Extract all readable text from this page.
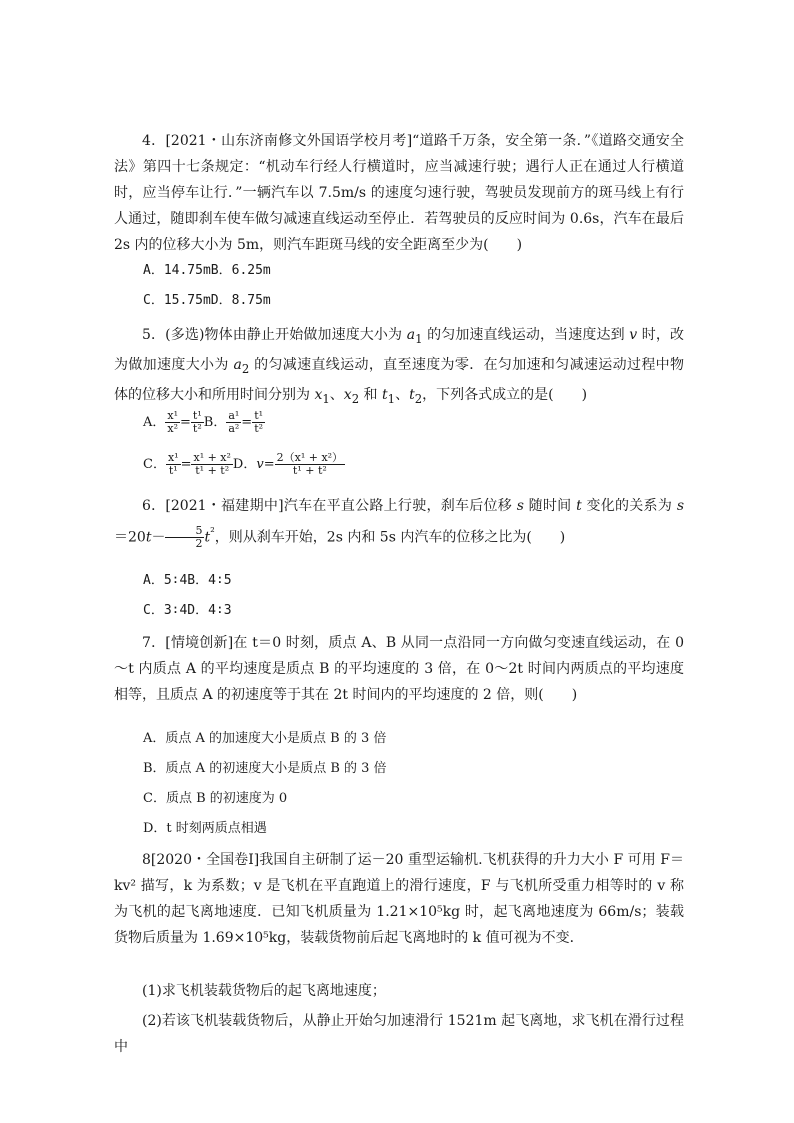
4．[2021・山东济南修文外国语学校月考]“道路千万条，安全第一条．”《道路交通安全法》第四十七条规定：“机动车行经人行横道时，应当减速行驶；遇行人正在通过人行横道时，应当停车让行．”一辆汽车以 7.5m/s 的速度匀速行驶，驾驶员发现前方的斑马线上有行人通过，随即刹车使车做匀减速直线运动至停止．若驾驶员的反应时间为 0.6s，汽车在最后 2s 内的位移大小为 5m，则汽车距斑马线的安全距离至少为(　　)

A．14.75mB．6.25m
C．15.75mD．8.75m

5．(多选)物体由静止开始做加速度大小为 $a_1$ 的匀加速直线运动，当速度达到 v 时，改为做加速度大小为 $a_2$ 的匀减速直线运动，直至速度为零．在匀加速和匀减速运动过程中物体的位移大小和所用时间分别为 $x_1$、$x_2$ 和 $t_1$、$t_2$，下列各式成立的是(　　)

A． $\frac{\text{x¹}}{\text{x²}} = \frac{\text{t¹}}{\text{t²}}$ B． $\frac{\text{a¹}}{\text{a²}} = \frac{\text{t¹}}{\text{t²}}$
C． $\frac{\text{x¹}}{\text{t¹}} = \frac{\text{x¹ + x²}}{\text{t¹ + t²}}$ D．$v= \frac{\text{2（x¹ + x²）}}{\text{t¹ + t²}}$

6．[2021・福建期中]汽车在平直公路上行驶，刹车后位移 s 随时间 t 变化的关系为 $s=20t- \frac{5}{2} t^{^2}$，则从刹车开始，2s 内和 5s 内汽车的位移之比为(　　)

A．5∶4B．4∶5
C．3∶4D．4∶3

7．[情境创新]在 t＝0 时刻，质点 A、B 从同一点沿同一方向做匀变速直线运动，在 0～t 内质点 A 的平均速度是质点 B 的平均速度的 3 倍，在 0～2t 时间内两质点的平均速度相等，且质点 A 的初速度等于其在 2t 时间内的平均速度的 2 倍，则(　　)

A．质点 A 的加速度大小是质点 B 的 3 倍
B．质点 A 的初速度大小是质点 B 的 3 倍
C．质点 B 的初速度为 0
D．t 时刻两质点相遇

8[2020・全国卷Ⅰ]我国自主研制了运－20 重型运输机.飞机获得的升力大小 F 可用 F＝kv² 描写，k 为系数；v 是飞机在平直跑道上的滑行速度，F 与飞机所受重力相等时的 v 称为飞机的起飞离地速度．已知飞机质量为 1.21×10⁵kg 时，起飞离地速度为 66m/s；装载货物后质量为 1.69×10⁵kg，装载货物前后起飞离地时的 k 值可视为不变．

(1)求飞机装载货物后的起飞离地速度；

(2)若该飞机装载货物后，从静止开始匀加速滑行 1521m 起飞离地，求飞机在滑行过程中
